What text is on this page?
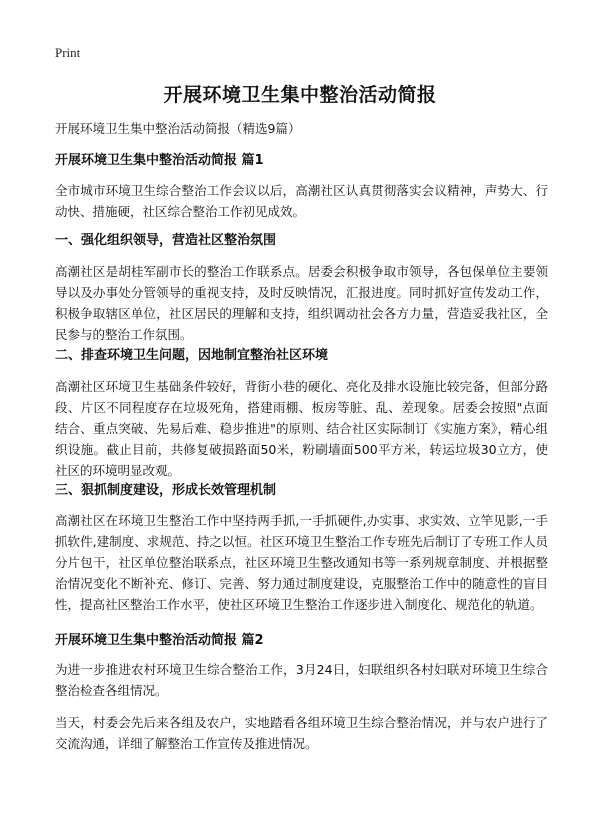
Print
开展环境卫生集中整治活动简报

开展环境卫生集中整治活动简报（精选9篇）

开展环境卫生集中整治活动简报 篇1

全市城市环境卫生综合整治工作会议以后，高潮社区认真贯彻落实会议精神，声势大、行动快、措施硬，社区综合整治工作初见成效。

一、强化组织领导，营造社区整治氛围

高潮社区是胡桂军副市长的整治工作联系点。居委会积极争取市领导，各包保单位主要领导以及办事处分管领导的重视支持，及时反映情况，汇报进度。同时抓好宣传发动工作，积极争取辖区单位，社区居民的理解和支持，组织调动社会各方力量，营造妥我社区，全民参与的整治工作氛围。

二、排查环境卫生问题，因地制宜整治社区环境

高潮社区环境卫生基础条件较好，背街小巷的硬化、亮化及排水设施比较完备，但部分路段、片区不同程度存在垃圾死角，搭建雨棚、板房等脏、乱、差现象。居委会按照"点面结合、重点突破、先易后难、稳步推进"的原则、结合社区实际制订《实施方案》，精心组织设施。截止目前，共修复破损路面50米，粉刷墙面500平方米，转运垃圾30立方，使社区的环境明显改观。

三、狠抓制度建设，形成长效管理机制

高潮社区在环境卫生整治工作中坚持两手抓,一手抓硬件,办实事、求实效、立竿见影,一手抓软件,建制度、求规范、持之以恒。社区环境卫生整治工作专班先后制订了专班工作人员分片包干，社区单位整治联系点，社区环境卫生整改通知书等一系列规章制度、并根据整治情况变化不断补充、修订、完善、努力通过制度建设，克服整治工作中的随意性的盲目性，提高社区整治工作水平，使社区环境卫生整治工作逐步进入制度化、规范化的轨道。

开展环境卫生集中整治活动简报 篇2

为进一步推进农村环境卫生综合整治工作，3月24日，妇联组织各村妇联对环境卫生综合整治检查各组情况。

当天，村委会先后来各组及农户，实地踏看各组环境卫生综合整治情况，并与农户进行了交流沟通，详细了解整治工作宣传及推进情况。
